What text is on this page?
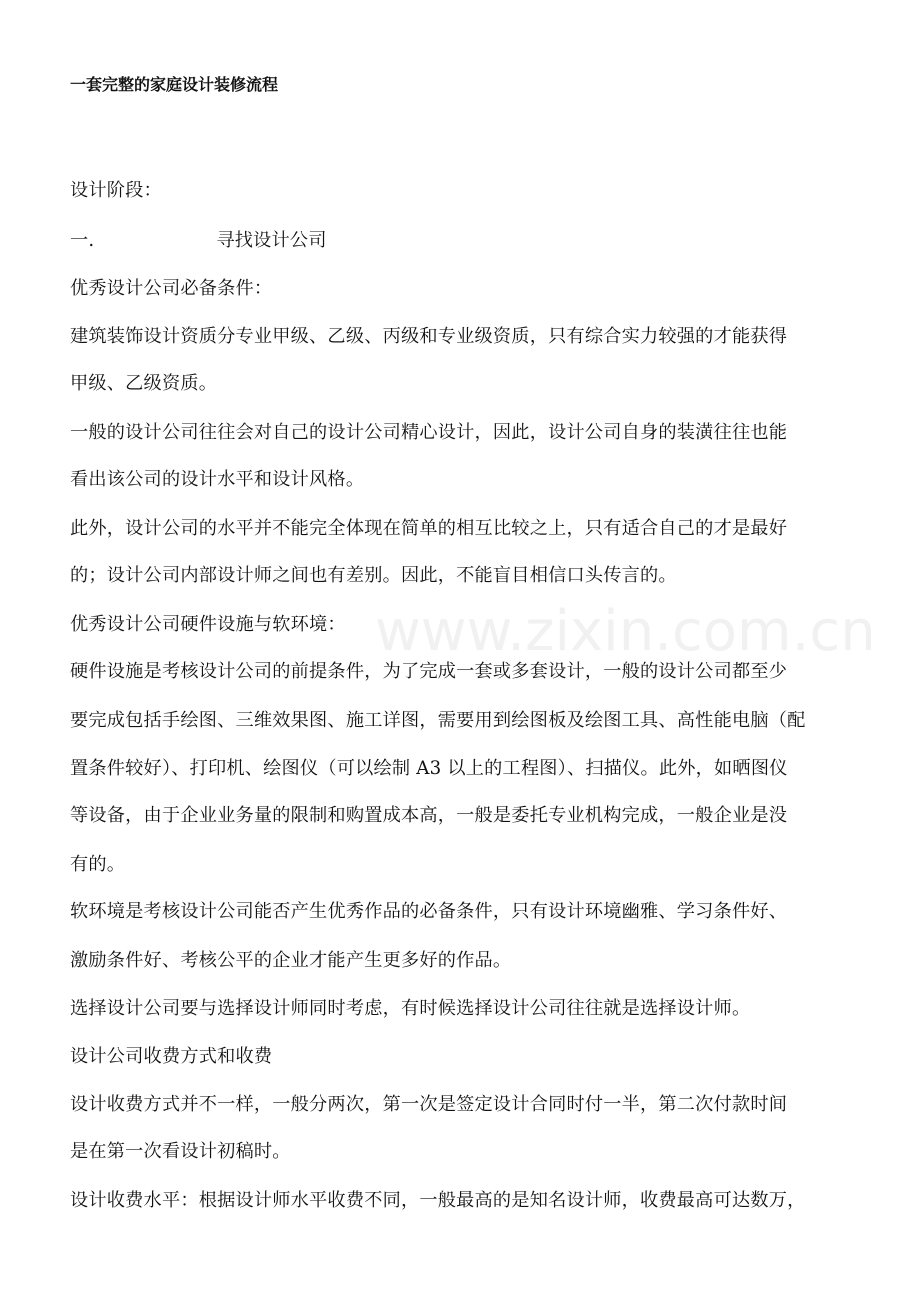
一套完整的家庭设计装修流程
设计阶段：
一.	寻找设计公司
优秀设计公司必备条件：
建筑装饰设计资质分专业甲级、乙级、丙级和专业级资质，只有综合实力较强的才能获得
甲级、乙级资质。
一般的设计公司往往会对自己的设计公司精心设计，因此，设计公司自身的装潢往往也能
看出该公司的设计水平和设计风格。
此外，设计公司的水平并不能完全体现在简单的相互比较之上，只有适合自己的才是最好
的；设计公司内部设计师之间也有差别。因此，不能盲目相信口头传言的。
优秀设计公司硬件设施与软环境：
硬件设施是考核设计公司的前提条件，为了完成一套或多套设计，一般的设计公司都至少
要完成包括手绘图、三维效果图、施工详图，需要用到绘图板及绘图工具、高性能电脑（配
置条件较好）、打印机、绘图仪（可以绘制 A3 以上的工程图）、扫描仪。此外，如晒图仪
等设备，由于企业业务量的限制和购置成本高，一般是委托专业机构完成，一般企业是没
有的。
软环境是考核设计公司能否产生优秀作品的必备条件，只有设计环境幽雅、学习条件好、
激励条件好、考核公平的企业才能产生更多好的作品。
选择设计公司要与选择设计师同时考虑，有时候选择设计公司往往就是选择设计师。
设计公司收费方式和收费
设计收费方式并不一样，一般分两次，第一次是签定设计合同时付一半，第二次付款时间
是在第一次看设计初稿时。
设计收费水平：根据设计师水平收费不同，一般最高的是知名设计师，收费最高可达数万，
www.zixin.com.cn
